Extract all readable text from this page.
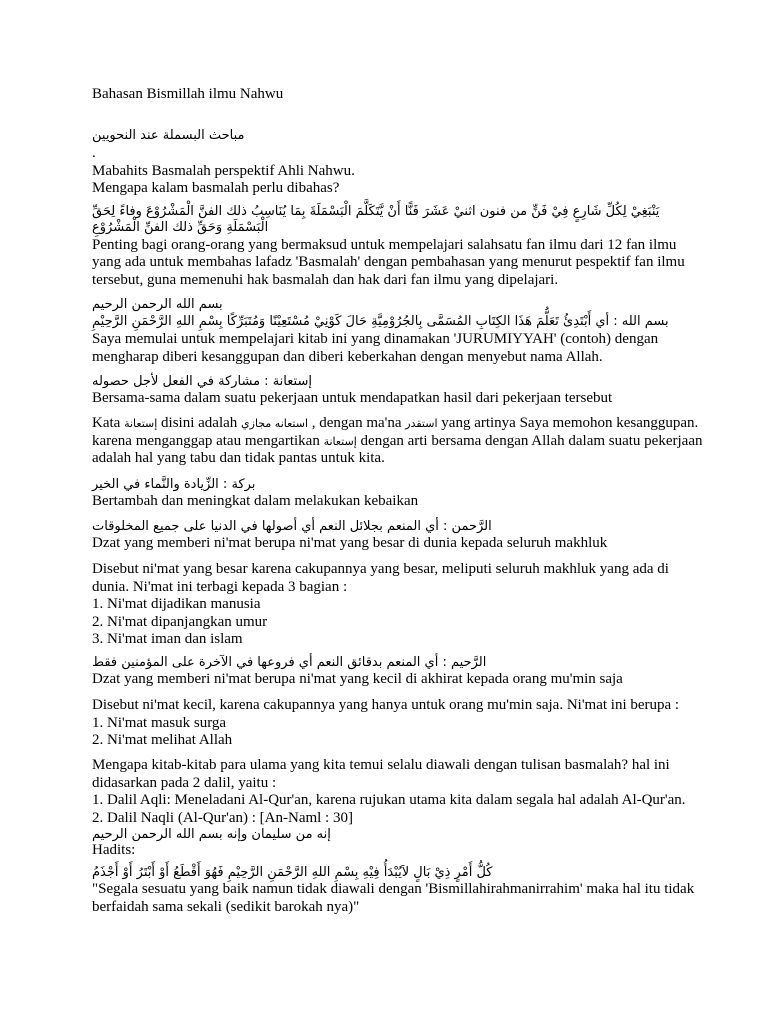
Bahasan Bismillah ilmu Nahwu
مباحث البسملة عند النحويين
.
Mabahits Basmalah perspektif Ahli Nahwu.
Mengapa kalam basmalah perlu dibahas?
يَنْبَغِيْ لِكُلِّ شَارِعٍ فِيْ فَنٍّ من فنون اثنيْ عَشَرَ فَنًّا أَنْ يَّتَكَلَّمَ الْبَسْمَلَةَ بِمَا يُنَاسِبُ ذلك الفنَّ الْمَشْرُوْعَ وفاءً لِحَقِّ الْبَسْمَلَةِ وَحَقِّ ذلك الفنِّ الْمَشْرُوْعِ
Penting bagi orang-orang yang bermaksud untuk mempelajari salahsatu fan ilmu dari 12 fan ilmu
yang ada untuk membahas lafadz 'Basmalah' dengan pembahasan yang menurut pespektif fan ilmu
tersebut, guna memenuhi hak basmalah dan hak dari fan ilmu yang dipelajari.
بسم الله الرحمن الرحيم
بسم الله : أي أَبْتَدِئُ تَعَلُّمَ هَذَا الكِتَابِ المُسَمَّى بِالجُرُوْمِيَّةِ حَالَ كَوْنِيْ مُسْتَعِيْنًا وَمُتَبَرِّكًا بِسْمِ اللهِ الرَّحْمَنِ الرَّحِيْمِ
Saya memulai untuk mempelajari kitab ini yang dinamakan 'JURUMIYYAH' (contoh) dengan
mengharap diberi kesanggupan dan diberi keberkahan dengan menyebut nama Allah.
إستعانة : مشاركة في الفعل لأجل حصوله
Bersama-sama dalam suatu pekerjaan untuk mendapatkan hasil dari pekerjaan tersebut
Kata إستعانة disini adalah استعانه مجازي , dengan ma'na استقدر yang artinya Saya memohon kesanggupan.
karena menganggap atau mengartikan إستعانة dengan arti bersama dengan Allah dalam suatu pekerjaan
adalah hal yang tabu dan tidak pantas untuk kita.
بركة : الزِّيادة والنَّماء في الخير
Bertambah dan meningkat dalam melakukan kebaikan
الرَّحمن : أي المنعم بجلائل النعم أي أصولها في الدنيا على جميع المخلوقات
Dzat yang memberi ni'mat berupa ni'mat yang besar di dunia kepada seluruh makhluk
Disebut ni'mat yang besar karena cakupannya yang besar, meliputi seluruh makhluk yang ada di
dunia. Ni'mat ini terbagi kepada 3 bagian :
1. Ni'mat dijadikan manusia
2. Ni'mat dipanjangkan umur
3. Ni'mat iman dan islam
الرَّحيم : أي المنعم بدقائق النعم أي فروعها في الآخرة على المؤمنين فقط
Dzat yang memberi ni'mat berupa ni'mat yang kecil di akhirat kepada orang mu'min saja
Disebut ni'mat kecil, karena cakupannya yang hanya untuk orang mu'min saja. Ni'mat ini berupa :
1. Ni'mat masuk surga
2. Ni'mat melihat Allah
Mengapa kitab-kitab para ulama yang kita temui selalu diawali dengan tulisan basmalah? hal ini
didasarkan pada 2 dalil, yaitu :
1. Dalil Aqli: Meneladani Al-Qur'an, karena rujukan utama kita dalam segala hal adalah Al-Qur'an.
2. Dalil Naqli (Al-Qur'an) : [An-Naml : 30]
إنه من سليمان وإنه بسم الله الرحمن الرحيم
Hadits:
كُلُّ أَمْرٍ ذِيْ بَالٍ لاَيُبْدَأُ فِيْهِ بِسْمِ اللهِ الرَّحْمَنِ الرَّحِيْمِ فَهُوَ أَقْطَعُ أَوْ أَبْتَرُ أَوْ أَجْذَمُ
"Segala sesuatu yang baik namun tidak diawali dengan 'Bismillahirahmanirrahim' maka hal itu tidak
berfaidah sama sekali (sedikit barokah nya)"
